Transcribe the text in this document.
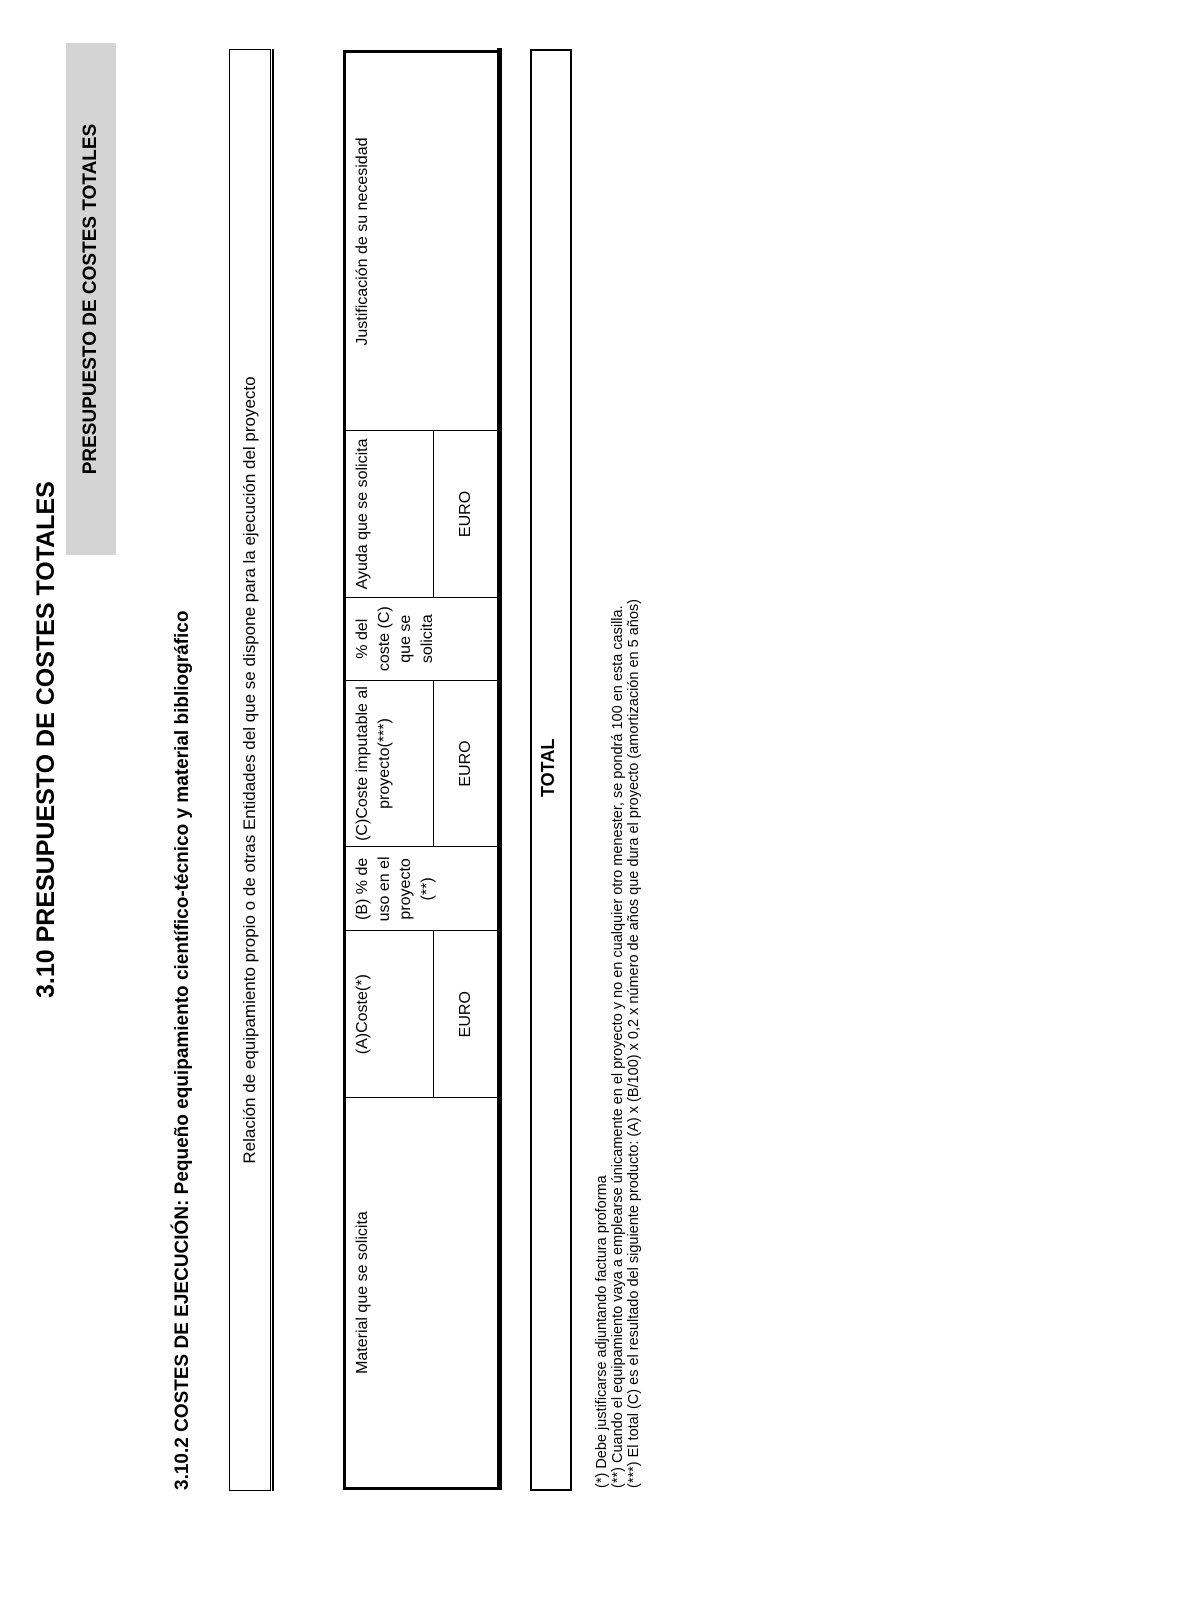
3.10 PRESUPUESTO DE COSTES TOTALES
PRESUPUESTO DE COSTES TOTALES
3.10.2 COSTES DE EJECUCIÓN: Pequeño equipamiento científico-técnico y material bibliográfico	Relación de equipamiento propio o de otras Entidades del que se dispone para la ejecución del proyecto
Material que se solicita	(A)Coste(*)	(B) % de uso en el proyecto (**)	(C)Coste imputable al proyecto(***)	% del coste (C) que se solicita	Ayuda que se solicita	Justificación de su necesidad
	EURO		EURO		EURO	
TOTAL
(*) Debe justificarse adjuntando factura proforma (**) Cuando el equipamiento vaya a emplearse únicamente en el proyecto y no en cualquier otro menester, se pondrá 100 en esta casilla. (***) El total (C) es el resultado del siguiente producto: (A) x (B/100) x 0,2 x número de años que dura el proyecto (amortización en 5 años)
